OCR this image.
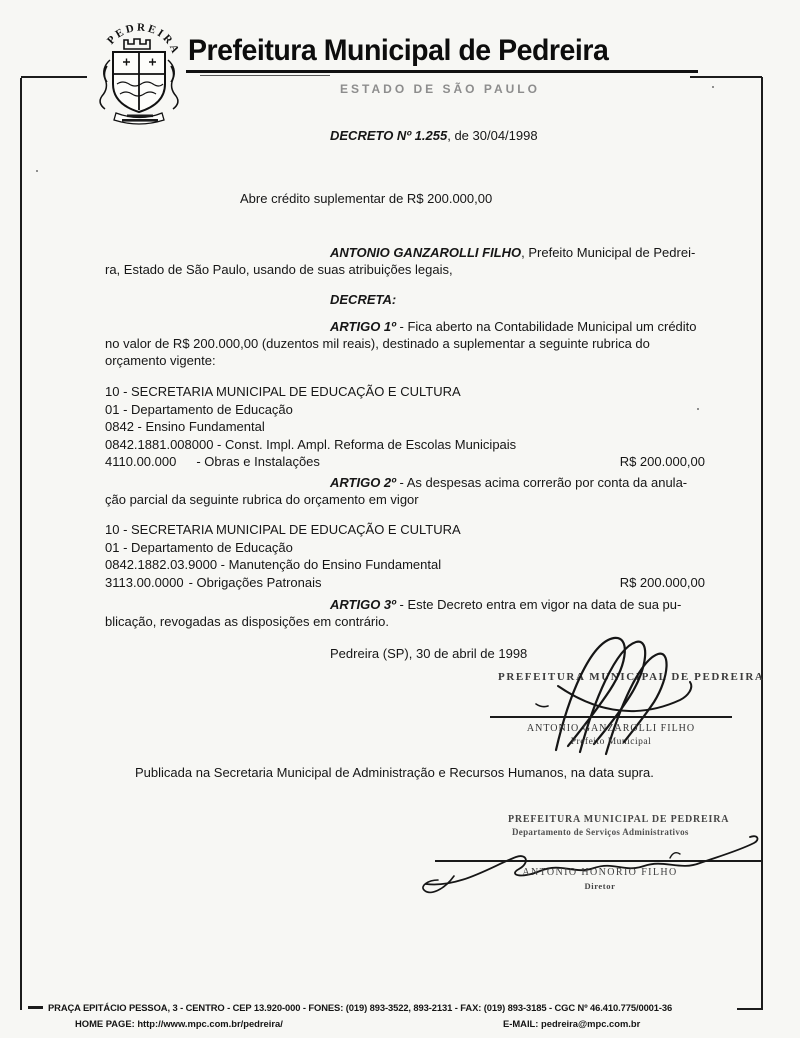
PEDREIRA Prefeitura Municipal de Pedreira
ESTADO DE SÃO PAULO
DECRETO Nº 1.255, de 30/04/1998
Abre crédito suplementar de R$ 200.000,00
ANTONIO GANZAROLLI FILHO, Prefeito Municipal de Pedrei-
ra, Estado de São Paulo, usando de suas atribuições legais,
DECRETA:
ARTIGO 1º - Fica aberto na Contabilidade Municipal um crédito
no valor de R$ 200.000,00 (duzentos mil reais), destinado a suplementar a seguinte rubrica do
orçamento vigente:
10 - SECRETARIA MUNICIPAL DE EDUCAÇÃO E CULTURA
01 - Departamento de Educação
0842 - Ensino Fundamental
0842.1881.008000 - Const. Impl. Ampl. Reforma de Escolas Municipais
4110.00.000 - Obras e Instalações	R$ 200.000,00
ARTIGO 2º - As despesas acima correrão por conta da anula-
ção parcial da seguinte rubrica do orçamento em vigor
10 - SECRETARIA MUNICIPAL DE EDUCAÇÃO E CULTURA
01 - Departamento de Educação
0842.1882.03.9000 - Manutenção do Ensino Fundamental
3113.00.0000 - Obrigações Patronais	R$ 200.000,00
ARTIGO 3º - Este Decreto entra em vigor na data de sua pu-
blicação, revogadas as disposições em contrário.
Pedreira (SP), 30 de abril de 1998
PREFEITURA MUNICIPAL DE PEDREIRA
ANTONIO GANZAROLLI FILHO
Prefeito Municipal
Publicada na Secretaria Municipal de Administração e Recursos Humanos, na data supra.
PREFEITURA MUNICIPAL DE PEDREIRA
Departamento de Serviços Administrativos
ANTONIO HONORIO FILHO
Diretor
PRAÇA EPITÁCIO PESSOA, 3 - CENTRO - CEP 13.920-000 - FONES: (019) 893-3522, 893-2131 - FAX: (019) 893-3185 - CGC Nº 46.410.775/0001-36
HOME PAGE: http://www.mpc.com.br/pedreira/	E-MAIL: pedreira@mpc.com.br
